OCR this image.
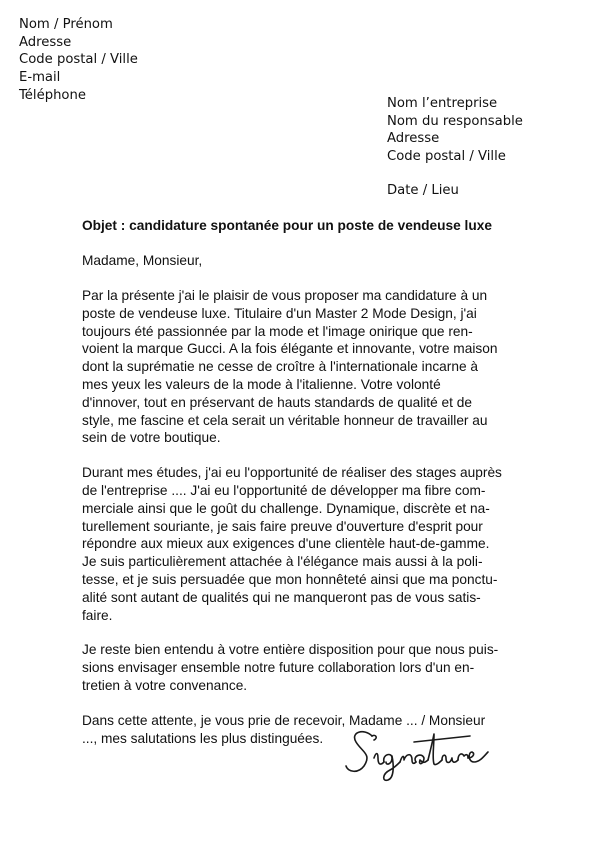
Nom / Prénom
Adresse
Code postal / Ville
E-mail
Téléphone
Nom l’entreprise
Nom du responsable
Adresse
Code postal / Ville
Date / Lieu
Objet : candidature spontanée pour un poste de vendeuse luxe
Madame, Monsieur,
Par la présente j'ai le plaisir de vous proposer ma candidature à un
poste de vendeuse luxe. Titulaire d'un Master 2 Mode Design, j'ai
toujours été passionnée par la mode et l'image onirique que ren-
voient la marque Gucci. A la fois élégante et innovante, votre maison
dont la suprématie ne cesse de croître à l'internationale incarne à
mes yeux les valeurs de la mode à l'italienne. Votre volonté
d'innover, tout en préservant de hauts standards de qualité et de
style, me fascine et cela serait un véritable honneur de travailler au
sein de votre boutique.
Durant mes études, j'ai eu l'opportunité de réaliser des stages auprès
de l'entreprise .... J'ai eu l'opportunité de développer ma fibre com-
merciale ainsi que le goût du challenge. Dynamique, discrète et na-
turellement souriante, je sais faire preuve d'ouverture d'esprit pour
répondre aux mieux aux exigences d'une clientèle haut-de-gamme.
Je suis particulièrement attachée à l'élégance mais aussi à la poli-
tesse, et je suis persuadée que mon honnêteté ainsi que ma ponctu-
alité sont autant de qualités qui ne manqueront pas de vous satis-
faire.
Je reste bien entendu à votre entière disposition pour que nous puis-
sions envisager ensemble notre future collaboration lors d'un en-
tretien à votre convenance.
Dans cette attente, je vous prie de recevoir, Madame ... / Monsieur
..., mes salutations les plus distinguées.
